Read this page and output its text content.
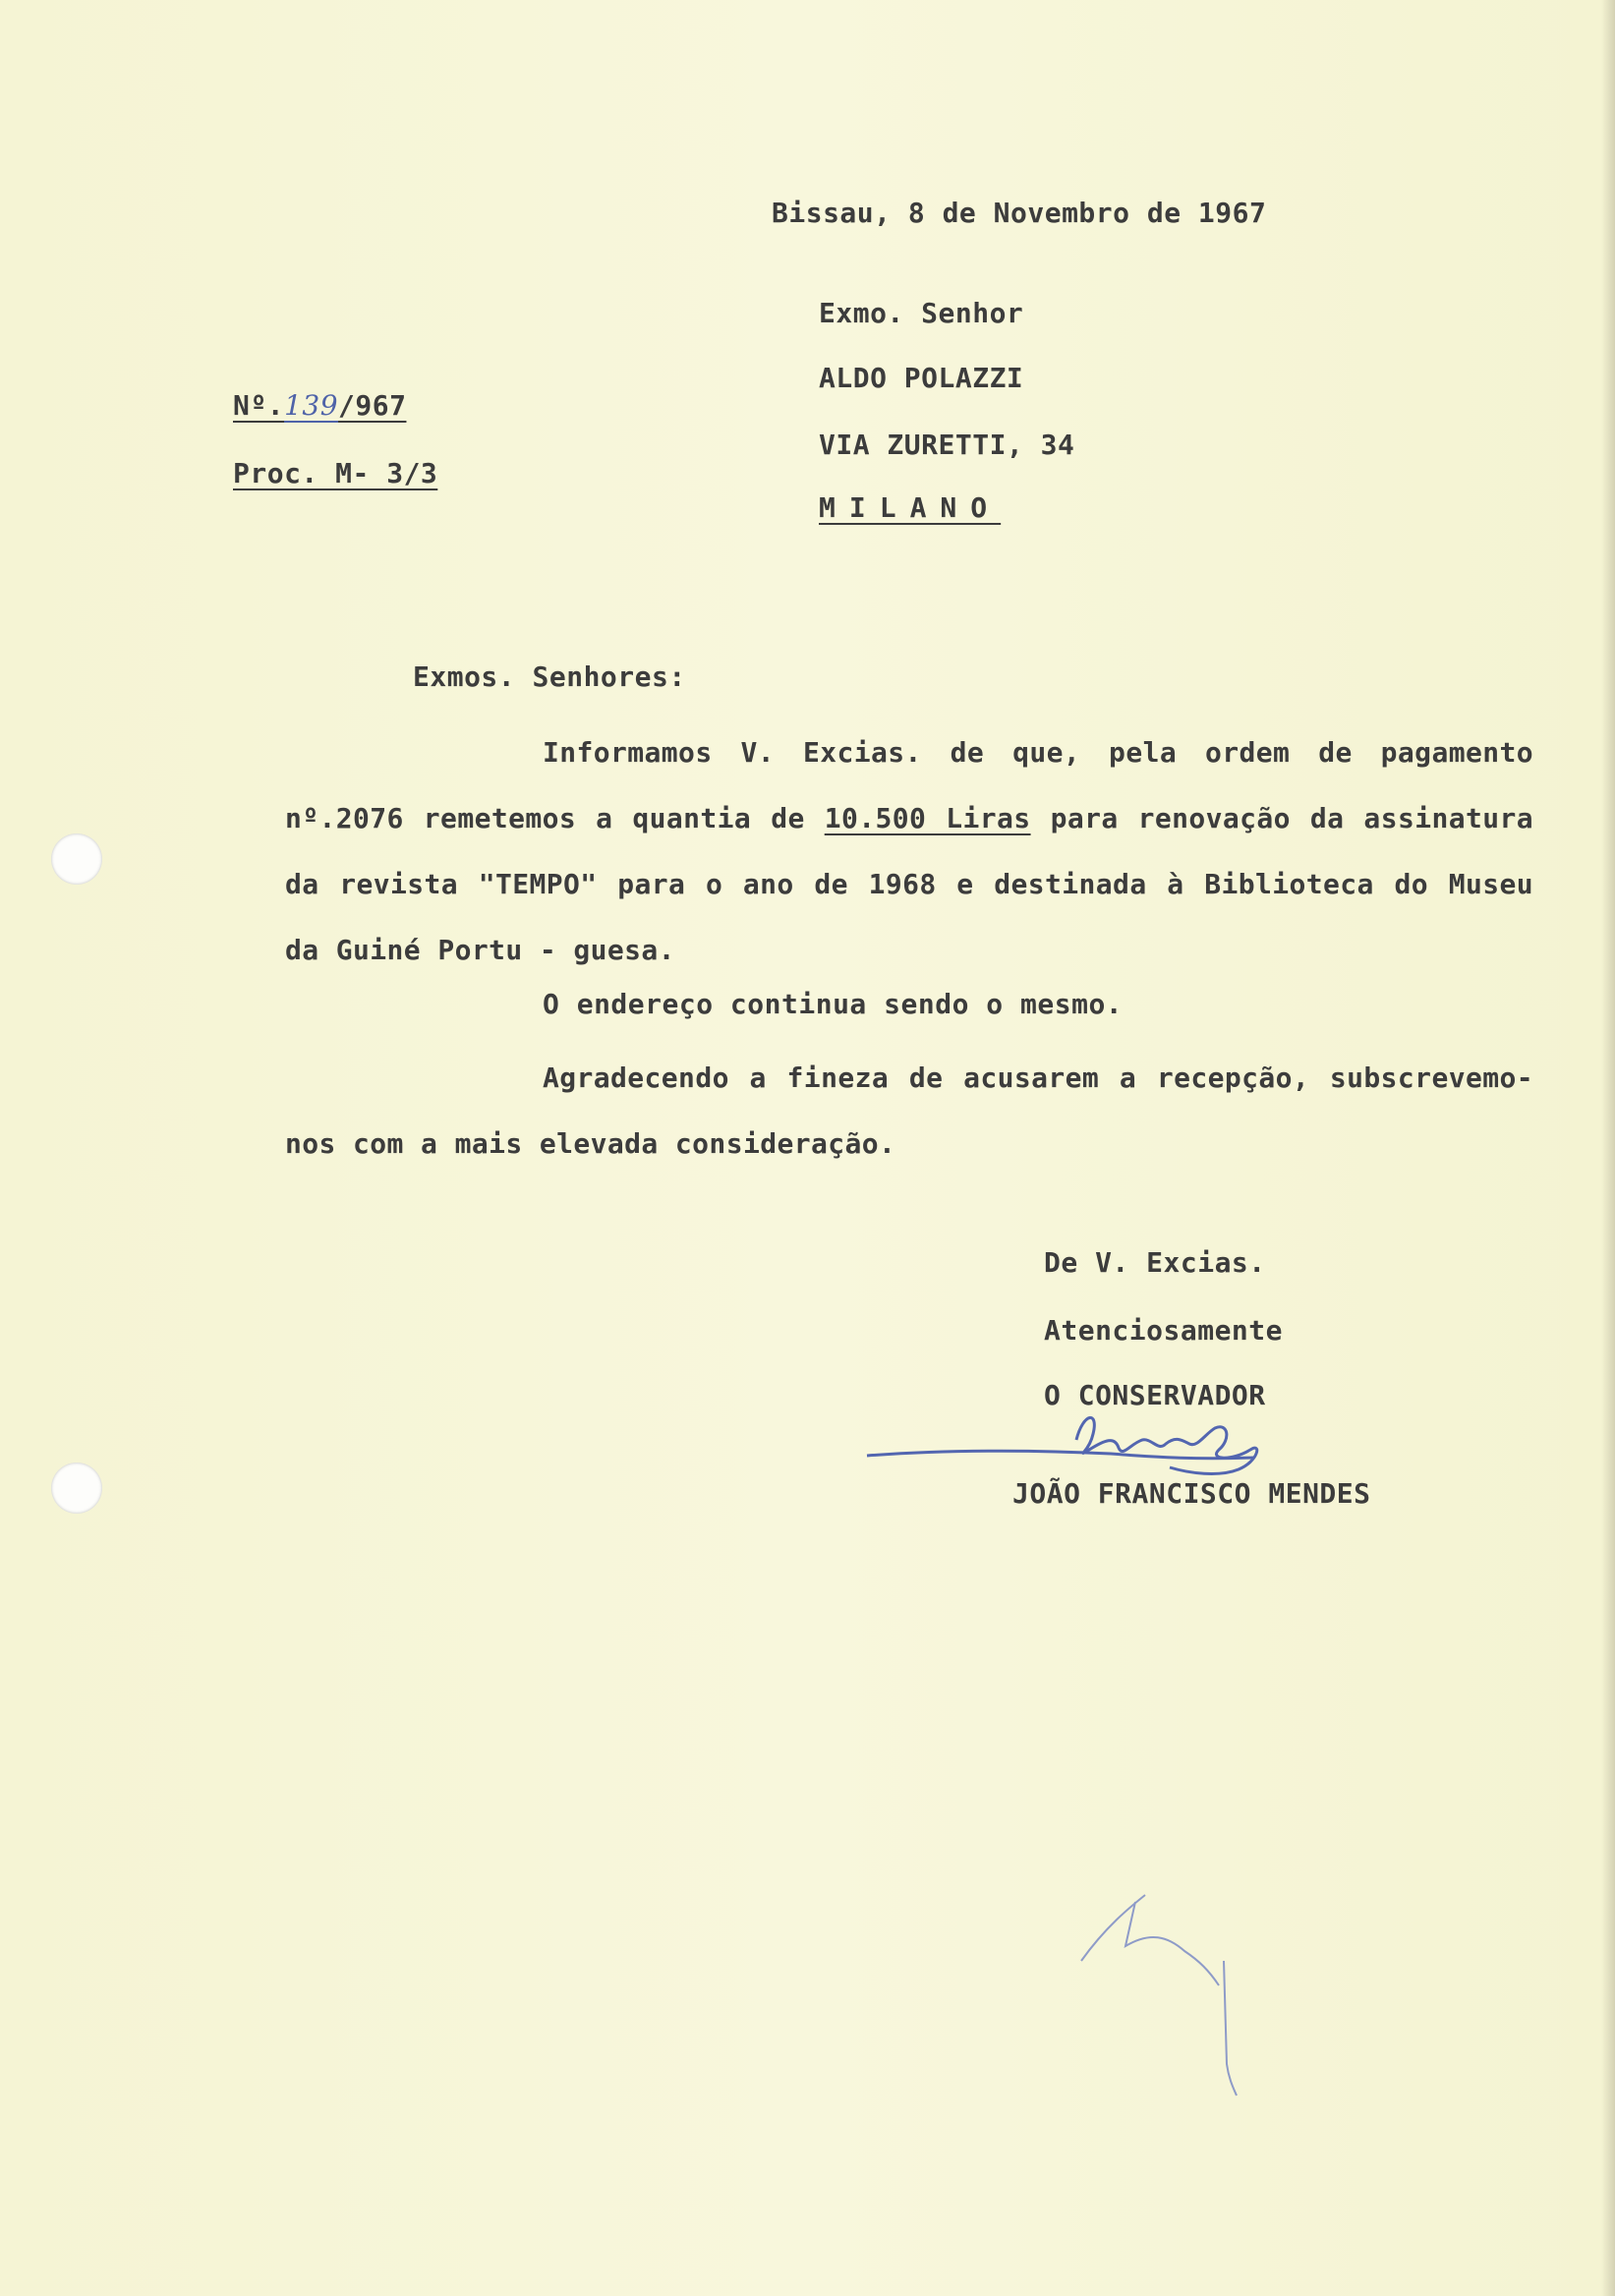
Bissau, 8 de Novembro de 1967
Nº.139/967
Proc. M- 3/3
Exmo. Senhor
ALDO POLAZZI
VIA ZURETTI, 34
MILANO
Exmos. Senhores:
Informamos V. Excias. de que, pela ordem de pagamento nº.2076 remetemos a quantia de 10.500 Liras para renovação da assinatura da revista "TEMPO" para o ano de 1968 e destinada à Biblioteca do Museu da Guiné Portu - guesa.
O endereço continua sendo o mesmo.
Agradecendo a fineza de acusarem a recepção, subscrevemo-nos com a mais elevada consideração.
De V. Excias.
Atenciosamente
O CONSERVADOR
JOÃO FRANCISCO MENDES
